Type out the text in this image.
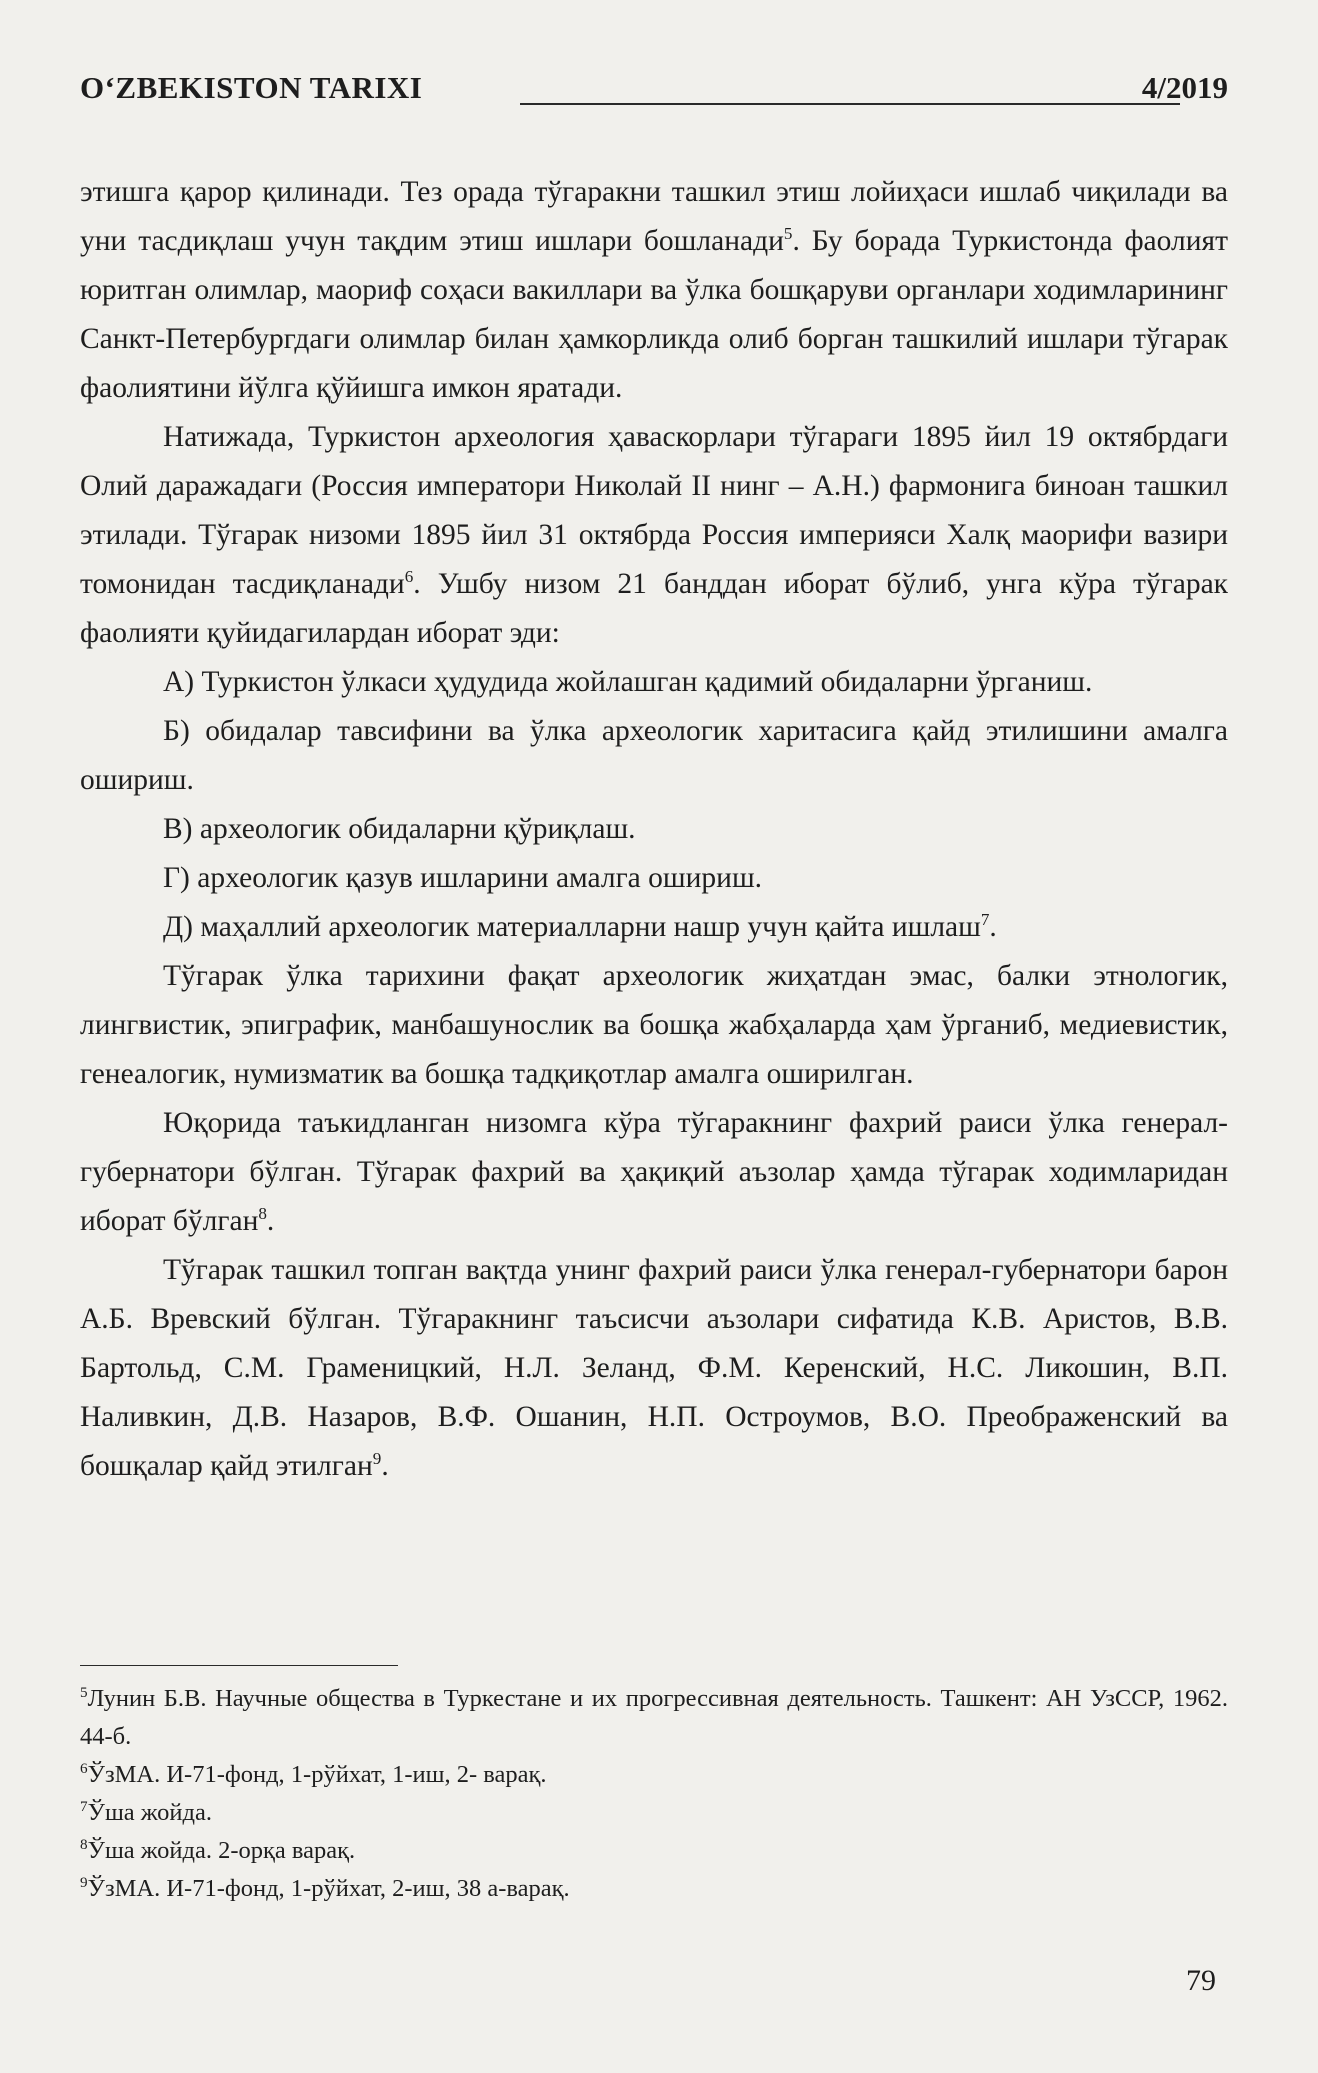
O‘ZBEKISTON TARIXI	4/2019

этишга қарор қилинади. Тез орада тўгаракни ташкил этиш лойиҳаси ишлаб чиқилади ва уни тасдиқлаш учун тақдим этиш ишлари бошланади$^5$. Бу борада Туркистонда фаолият юритган олимлар, маориф соҳаси вакиллари ва ўлка бошқаруви органлари ходимларининг Санкт-Петербургдаги олимлар билан ҳамкорликда олиб борган ташкилий ишлари тўгарак фаолиятини йўлга қўйишга имкон яратади.

Натижада, Туркистон археология ҳаваскорлари тўгараги 1895 йил 19 октябрдаги Олий даражадаги (Россия императори Николай II нинг – А.Н.) фармонига биноан ташкил этилади. Тўгарак низоми 1895 йил 31 октябрда Россия империяси Халқ маорифи вазири томонидан тасдиқланади$^6$. Ушбу низом 21 банддан иборат бўлиб, унга кўра тўгарак фаолияти қуйидагилардан иборат эди:

А) Туркистон ўлкаси ҳудудида жойлашган қадимий обидаларни ўрганиш.

Б) обидалар тавсифини ва ўлка археологик харитасига қайд этилишини амалга ошириш.

В) археологик обидаларни қўриқлаш.

Г) археологик қазув ишларини амалга ошириш.

Д) маҳаллий археологик материалларни нашр учун қайта ишлаш$^7$.

Тўгарак ўлка тарихини фақат археологик жиҳатдан эмас, балки этнологик, лингвистик, эпиграфик, манбашунослик ва бошқа жабҳаларда ҳам ўрганиб, медиевистик, генеалогик, нумизматик ва бошқа тадқиқотлар амалга оширилган.

Юқорида таъкидланган низомга кўра тўгаракнинг фахрий раиси ўлка генерал-губернатори бўлган. Тўгарак фахрий ва ҳақиқий аъзолар ҳамда тўгарак ходимларидан иборат бўлган$^8$.

Тўгарак ташкил топган вақтда унинг фахрий раиси ўлка генерал-губернатори барон А.Б. Вревский бўлган. Тўгаракнинг таъсисчи аъзолари сифатида К.В. Аристов, В.В. Бартольд, С.М. Граменицкий, Н.Л. Зеланд, Ф.М. Керенский, Н.С. Ликошин, В.П. Наливкин, Д.В. Назаров, В.Ф. Ошанин, Н.П. Остроумов, В.О. Преображенский ва бошқалар қайд этилган$^9$.

$^5$Лунин Б.В. Научные общества в Туркестане и их прогрессивная деятельность. Ташкент: АН УзССР, 1962. 44-б.

$^6$ЎзМА. И-71-фонд, 1-рўйхат, 1-иш, 2- варақ.

$^7$Ўша жойда.

$^8$Ўша жойда. 2-орқа варақ.

$^9$ЎзМА. И-71-фонд, 1-рўйхат, 2-иш, 38 а-варақ.

79
